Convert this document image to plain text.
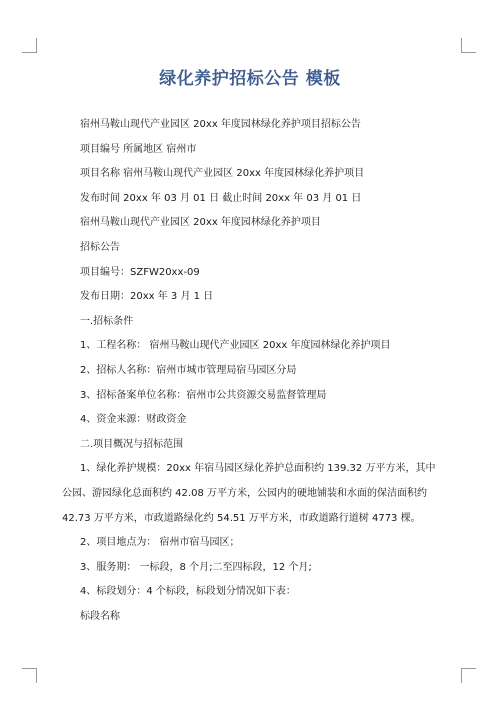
绿化养护招标公告 模板

宿州马鞍山现代产业园区 20xx 年度园林绿化养护项目招标公告

项目编号 所属地区 宿州市

项目名称 宿州马鞍山现代产业园区 20xx 年度园林绿化养护项目

发布时间 20xx 年 03 月 01 日 截止时间 20xx 年 03 月 01 日

宿州马鞍山现代产业园区 20xx 年度园林绿化养护项目

招标公告

项目编号：SZFW20xx-09

发布日期：20xx 年 3 月 1 日

一.招标条件

1、工程名称： 宿州马鞍山现代产业园区 20xx 年度园林绿化养护项目

2、招标人名称：宿州市城市管理局宿马园区分局

3、招标备案单位名称：宿州市公共资源交易监督管理局

4、资金来源：财政资金

二.项目概况与招标范围

1、绿化养护规模：20xx 年宿马园区绿化养护总面积约 139.32 万平方米，其中公园、游园绿化总面积约 42.08 万平方米，公园内的硬地铺装和水面的保洁面积约 42.73 万平方米，市政道路绿化约 54.51 万平方米，市政道路行道树 4773 棵。

2、项目地点为： 宿州市宿马园区；

3、服务期： 一标段，8 个月;二至四标段，12 个月;

4、标段划分：4 个标段，标段划分情况如下表：

标段名称
